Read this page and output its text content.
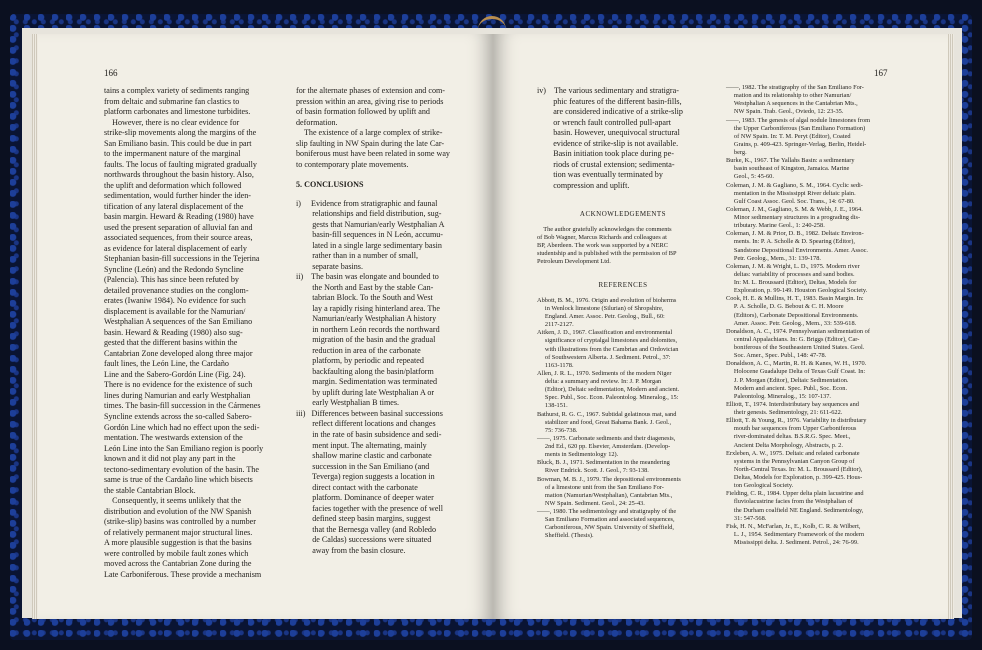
166

tains a complex variety of sediments ranging

from deltaic and submarine fan clastics to

platform carbonates and limestone turbidites.

However, there is no clear evidence for

strike-slip movements along the margins of the

San Emiliano basin. This could be due in part

to the impermanent nature of the marginal

faults. The locus of faulting migrated gradually

northwards throughout the basin history. Also,

the uplift and deformation which followed

sedimentation, would further hinder the iden-

tification of any lateral displacement of the

basin margin. Heward & Reading (1980) have

used the present separation of alluvial fan and

associated sequences, from their source areas,

as evidence for lateral displacement of early

Stephanian basin-fill successions in the Tejerina

Syncline (León) and the Redondo Syncline

(Palencia). This has since been refuted by

detailed provenance studies on the conglom-

erates (Iwaniw 1984). No evidence for such

displacement is available for the Namurian/

Westphalian A sequences of the San Emiliano

basin. Heward & Reading (1980) also sug-

gested that the different basins within the

Cantabrian Zone developed along three major

fault lines, the León Line, the Cardaño

Line and the Sabero-Gordón Line (Fig. 24).

There is no evidence for the existence of such

lines during Namurian and early Westphalian

times. The basin-fill succession in the Cármenes

Syncline extends across the so-called Sabero-

Gordón Line which had no effect upon the sedi-

mentation. The westwards extension of the

León Line into the San Emiliano region is poorly

known and it did not play any part in the

tectono-sedimentary evolution of the basin. The

same is true of the Cardaño line which bisects

the stable Cantabrian Block.

Consequently, it seems unlikely that the

distribution and evolution of the NW Spanish

(strike-slip) basins was controlled by a number

of relatively permanent major structural lines.

A more plausible suggestion is that the basins

were controlled by mobile fault zones which

moved across the Cantabrian Zone during the

Late Carboniferous. These provide a mechanism

for the alternate phases of extension and com-

pression within an area, giving rise to periods

of basin formation followed by uplift and

deformation.

The existence of a large complex of strike-

slip faulting in NW Spain during the late Car-

boniferous must have been related in some way

to contemporary plate movements.

5. CONCLUSIONS

i)     Evidence from stratigraphic and faunal

relationships and field distribution, sug-

gests that Namurian/early Westphalian A

basin-fill sequences in N León, accumu-

lated in a single large sedimentary basin

rather than in a number of small,

separate basins.

ii)    The basin was elongate and bounded to

the North and East by the stable Can-

tabrian Block. To the South and West

lay a rapidly rising hinterland area. The

Namurian/early Westphalian A history

in northern León records the northward

migration of the basin and the gradual

reduction in area of the carbonate

platform, by periodic and repeated

backfaulting along the basin/platform

margin. Sedimentation was terminated

by uplift during late Westphalian A or

early Westphalian B times.

iii)   Differences between basinal successions

reflect different locations and changes

in the rate of basin subsidence and sedi-

ment input. The alternating, mainly

shallow marine clastic and carbonate

succession in the San Emiliano (and

Teverga) region suggests a location in

direct contact with the carbonate

platform. Dominance of deeper water

facies together with the presence of well

defined steep basin margins, suggest

that the Bernesga valley (and Robledo

de Caldas) successions were situated

away from the basin closure.

167

iv)    The various sedimentary and stratigra-

phic features of the different basin-fills,

are considered indicative of a strike-slip

or wrench fault controlled pull-apart

basin. However, unequivocal structural

evidence of strike-slip is not available.

Basin initiation took place during pe-

riods of crustal extension; sedimenta-

tion was eventually terminated by

compression and uplift.

ACKNOWLEDGEMENTS

The author gratefully acknowledges the comments

of Bob Wagner, Marcus Richards and colleagues at

BP, Aberdeen. The work was supported by a NERC

studentship and is published with the permission of BP

Petroleum Development Ltd.

REFERENCES

Abbott, B. M., 1976. Origin and evolution of bioherms

in Wenlock limestone (Silurian) of Shropshire,

England. Amer. Assoc. Petr. Geolog., Bull., 60:

2117-2127.

Aitken, J. D., 1967. Classification and environmental

significance of cryptalgal limestones and dolomites,

with illustrations from the Cambrian and Ordovician

of Southwestern Alberta. J. Sediment. Petrol., 37:

1163-1178.

Allen, J. R. L., 1970. Sediments of the modern Niger

delta: a summary and review. In: J. P. Morgan

(Editor), Deltaic sedimentation, Modern and ancient.

Spec. Publ., Soc. Econ. Paleontolog. Mineralog., 15:

138-151.

Bathurst, R. G. C., 1967. Subtidal gelatinous mat, sand

stabilizer and food, Great Bahama Bank. J. Geol.,

75: 736-738.

——, 1975. Carbonate sediments and their diagenesis,

2nd Ed., 620 pp. Elsevier, Amsterdam. (Develop-

ments in Sedimentology 12).

Bluck, B. J., 1971. Sedimentation in the meandering

River Endrick. Scott. J. Geol., 7: 93-138.

Bowman, M. B. J., 1979. The depositional environments

of a limestone unit from the San Emiliano For-

mation (Namurian/Westphalian), Cantabrian Mts.,

NW Spain. Sediment. Geol., 24: 25-43.

——, 1980. The sedimentology and stratigraphy of the

San Emiliano Formation and associated sequences,

Carboniferous, NW Spain. University of Sheffield,

Sheffield. (Thesis).

——, 1982. The stratigraphy of the San Emiliano For-

mation and its relationship to other Namurian/

Westphalian A sequences in the Cantabrian Mts.,

NW Spain. Trab. Geol., Oviedo, 12: 23-35.

——, 1983. The genesis of algal nodule limestones from

the Upper Carboniferous (San Emiliano Formation)

of NW Spain. In: T. M. Peryt (Editor), Coated

Grains, p. 409-423. Springer-Verlag, Berlin, Heidel-

berg.

Burke, K., 1967. The Yallahs Basin: a sedimentary

basin southeast of Kingston, Jamaica. Marine

Geol., 5: 45-60.

Coleman, J. M. & Gagliano, S. M., 1964. Cyclic sedi-

mentation in the Mississippi River deltaic plain.

Gulf Coast Assoc. Geol. Soc. Trans., 14: 67-80.

Coleman, J. M., Gagliano, S. M. & Webb, J. E., 1964.

Minor sedimentary structures in a prograding dis-

tributary. Marine Geol., 1: 240-258.

Coleman, J. M. & Prior, D. B., 1982. Deltaic Environ-

ments. In: P. A. Scholle & D. Spearing (Editor),

Sandstone Depositional Environments. Amer. Assoc.

Petr. Geolog., Mem., 31: 139-178.

Coleman, J. M. & Wright, L. D., 1975. Modern river

deltas: variability of processes and sand bodies.

In: M. L. Broussard (Editor), Deltas, Models for

Exploration, p. 99-149. Houston Geological Society.

Cook, H. E. & Mullins, H. T., 1983. Basin Margin. In:

P. A. Scholle, D. G. Bebout & C. H. Moore

(Editors), Carbonate Depositional Environments.

Amer. Assoc. Petr. Geolog., Mem., 33: 539-618.

Donaldson, A. C., 1974. Pennsylvanian sedimentation of

central Appalachians. In: G. Briggs (Editor), Car-

boniferous of the Southeastern United States. Geol.

Soc. Amer., Spec. Publ., 148: 47-78.

Donaldson, A. C., Martin, R. H. & Kanes, W. H., 1970.

Holocene Guadalupe Delta of Texas Gulf Coast. In:

J. P. Morgan (Editor), Deltaic Sedimentation.

Modern and ancient. Spec. Publ., Soc. Econ.

Paleontolog. Mineralog., 15: 107-137.

Elliott, T., 1974. Interdistributary bay sequences and

their genesis. Sedimentology, 21: 611-622.

Elliott, T. & Young, R., 1976. Variability in distributary

mouth bar sequences from Upper Carboniferous

river-dominated deltas. B.S.R.G. Spec. Meet.,

Ancient Delta Morphology, Abstracts, p. 2.

Erxleben, A. W., 1975. Deltaic and related carbonate

systems in the Pennsylvanian Canyon Group of

North-Central Texas. In: M. L. Broussard (Editor),

Deltas, Models for Exploration, p. 399-425. Hous-

ton Geological Society.

Fielding, C. R., 1984. Upper delta plain lacustrine and

fluviolacustrine facies from the Westphalian of

the Durham coalfield NE England. Sedimentology,

31: 547-568.

Fisk, H. N., McFarlan, Jr., E., Kolb, C. R. & Wilbert,

L. J., 1954. Sedimentary Framework of the modern

Mississippi delta. J. Sediment. Petrol., 24: 76-99.
